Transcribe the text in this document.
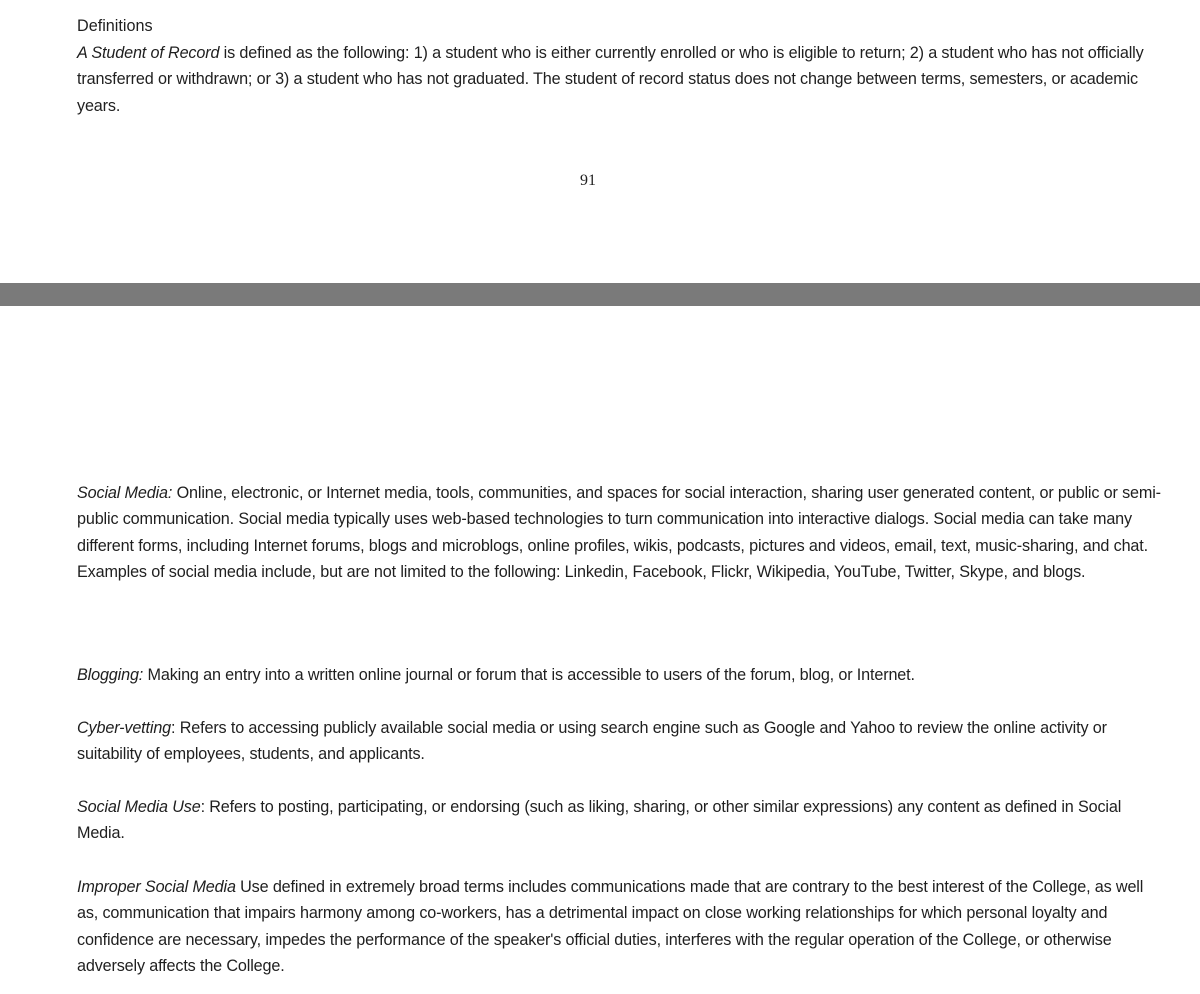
Definitions
A Student of Record is defined as the following: 1) a student who is either currently enrolled or who is eligible to return; 2) a student who has not officially transferred or withdrawn; or 3) a student who has not graduated. The student of record status does not change between terms, semesters, or academic years.
91
Social Media: Online, electronic, or Internet media, tools, communities, and spaces for social interaction, sharing user generated content, or public or semi-public communication. Social media typically uses web-based technologies to turn communication into interactive dialogs. Social media can take many different forms, including Internet forums, blogs and microblogs, online profiles, wikis, podcasts, pictures and videos, email, text, music-sharing, and chat. Examples of social media include, but are not limited to the following: Linkedin, Facebook, Flickr, Wikipedia, YouTube, Twitter, Skype, and blogs.
Blogging: Making an entry into a written online journal or forum that is accessible to users of the forum, blog, or Internet.
Cyber-vetting: Refers to accessing publicly available social media or using search engine such as Google and Yahoo to review the online activity or suitability of employees, students, and applicants.
Social Media Use: Refers to posting, participating, or endorsing (such as liking, sharing, or other similar expressions) any content as defined in Social Media.
Improper Social Media Use defined in extremely broad terms includes communications made that are contrary to the best interest of the College, as well as, communication that impairs harmony among co-workers, has a detrimental impact on close working relationships for which personal loyalty and confidence are necessary, impedes the performance of the speaker's official duties, interferes with the regular operation of the College, or otherwise adversely affects the College.
